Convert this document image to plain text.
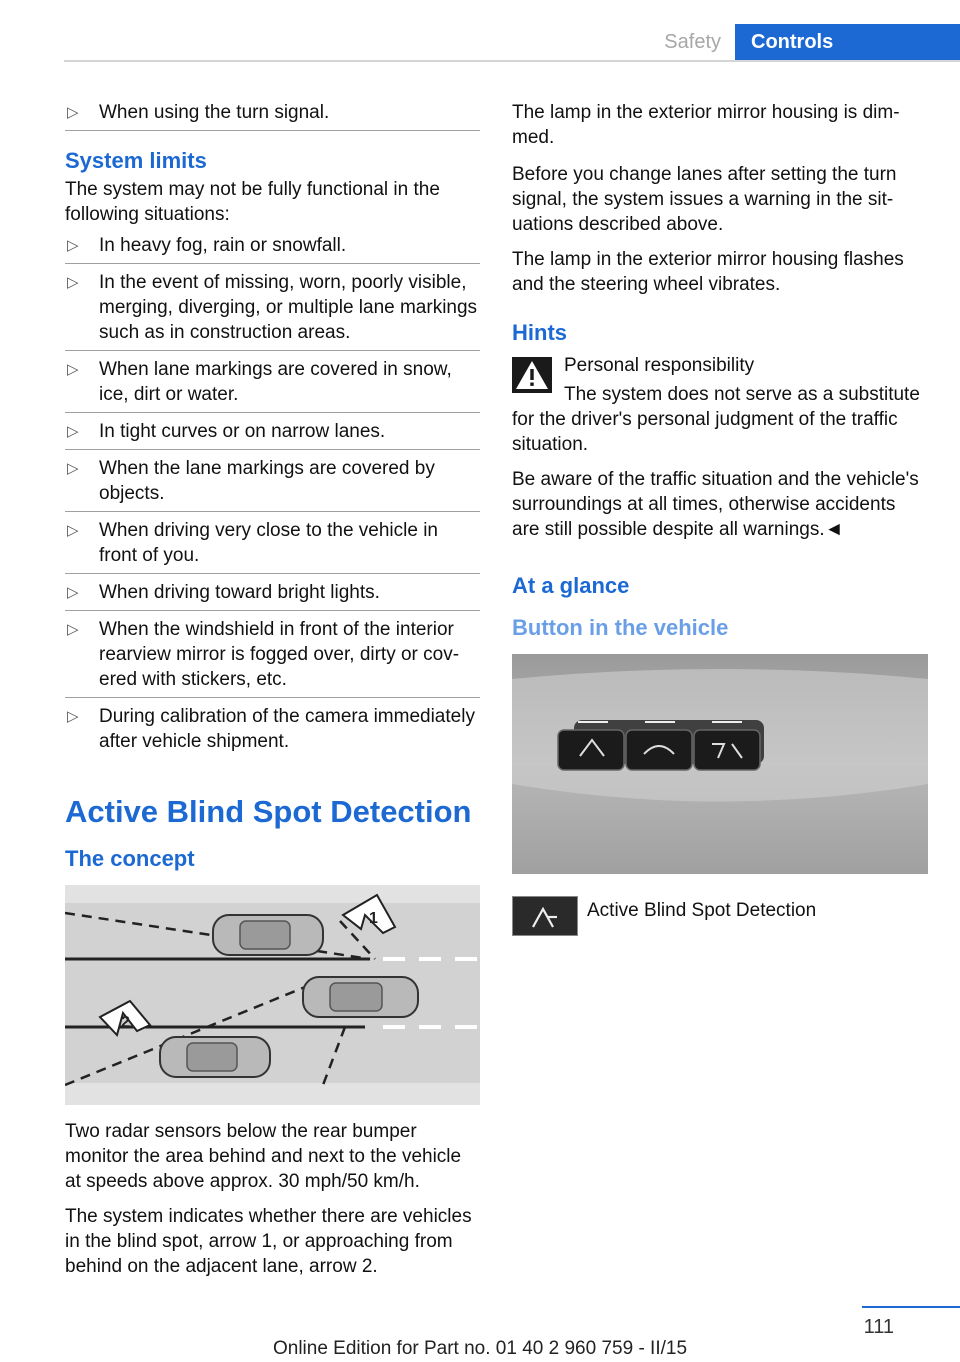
Safety	Controls
▷ When using the turn signal.
System limits

The system may not be fully functional in the following situations:

▷ In heavy fog, rain or snowfall.
▷ In the event of missing, worn, poorly visible, merging, diverging, or multiple lane markings such as in construction areas.
▷ When lane markings are covered in snow, ice, dirt or water.
▷ In tight curves or on narrow lanes.
▷ When the lane markings are covered by objects.
▷ When driving very close to the vehicle in front of you.
▷ When driving toward bright lights.
▷ When the windshield in front of the interior rearview mirror is fogged over, dirty or covered with stickers, etc.
▷ During calibration of the camera immediately after vehicle shipment.
Active Blind Spot Detection
The concept
1
2

Two radar sensors below the rear bumper monitor the area behind and next to the vehicle at speeds above approx. 30 mph/50 km/h.

The system indicates whether there are vehicles in the blind spot, arrow 1, or approaching from behind on the adjacent lane, arrow 2.

The lamp in the exterior mirror housing is dimmed.

Before you change lanes after setting the turn signal, the system issues a warning in the situations described above.

The lamp in the exterior mirror housing flashes and the steering wheel vibrates.

Hints

Personal responsibility

The system does not serve as a substitute for the driver's personal judgment of the traffic situation.

Be aware of the traffic situation and the vehicle's surroundings at all times, otherwise accidents are still possible despite all warnings.◄

At a glance
Button in the vehicle

Active Blind Spot Detection

111
Online Edition for Part no. 01 40 2 960 759 - II/15
